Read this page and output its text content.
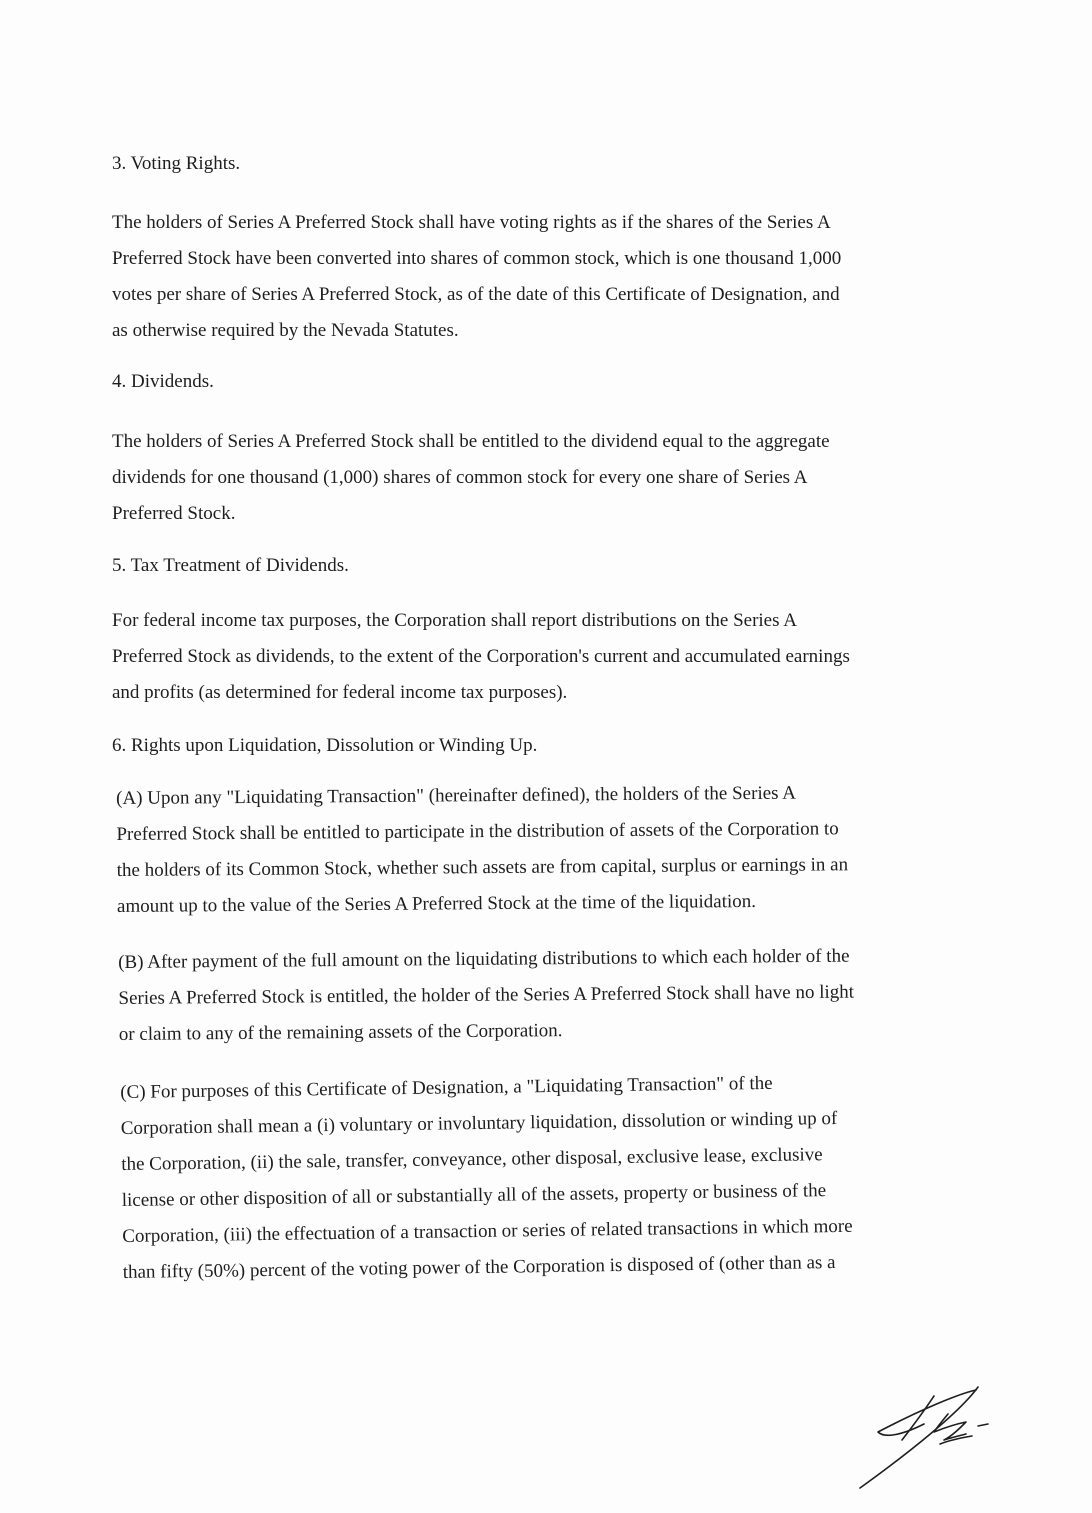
3. Voting Rights.

The holders of Series A Preferred Stock shall have voting rights as if the shares of the Series A
Preferred Stock have been converted into shares of common stock, which is one thousand 1,000
votes per share of Series A Preferred Stock, as of the date of this Certificate of Designation, and
as otherwise required by the Nevada Statutes.

4. Dividends.

The holders of Series A Preferred Stock shall be entitled to the dividend equal to the aggregate
dividends for one thousand (1,000) shares of common stock for every one share of Series A
Preferred Stock.

5. Tax Treatment of Dividends.

For federal income tax purposes, the Corporation shall report distributions on the Series A
Preferred Stock as dividends, to the extent of the Corporation's current and accumulated earnings
and profits (as determined for federal income tax purposes).

6. Rights upon Liquidation, Dissolution or Winding Up.

(A) Upon any "Liquidating Transaction" (hereinafter defined), the holders of the Series A
Preferred Stock shall be entitled to participate in the distribution of assets of the Corporation to
the holders of its Common Stock, whether such assets are from capital, surplus or earnings in an
amount up to the value of the Series A Preferred Stock at the time of the liquidation.

(B) After payment of the full amount on the liquidating distributions to which each holder of the
Series A Preferred Stock is entitled, the holder of the Series A Preferred Stock shall have no light
or claim to any of the remaining assets of the Corporation.

(C) For purposes of this Certificate of Designation, a "Liquidating Transaction" of the
Corporation shall mean a (i) voluntary or involuntary liquidation, dissolution or winding up of
the Corporation, (ii) the sale, transfer, conveyance, other disposal, exclusive lease, exclusive
license or other disposition of all or substantially all of the assets, property or business of the
Corporation, (iii) the effectuation of a transaction or series of related transactions in which more
than fifty (50%) percent of the voting power of the Corporation is disposed of (other than as a
